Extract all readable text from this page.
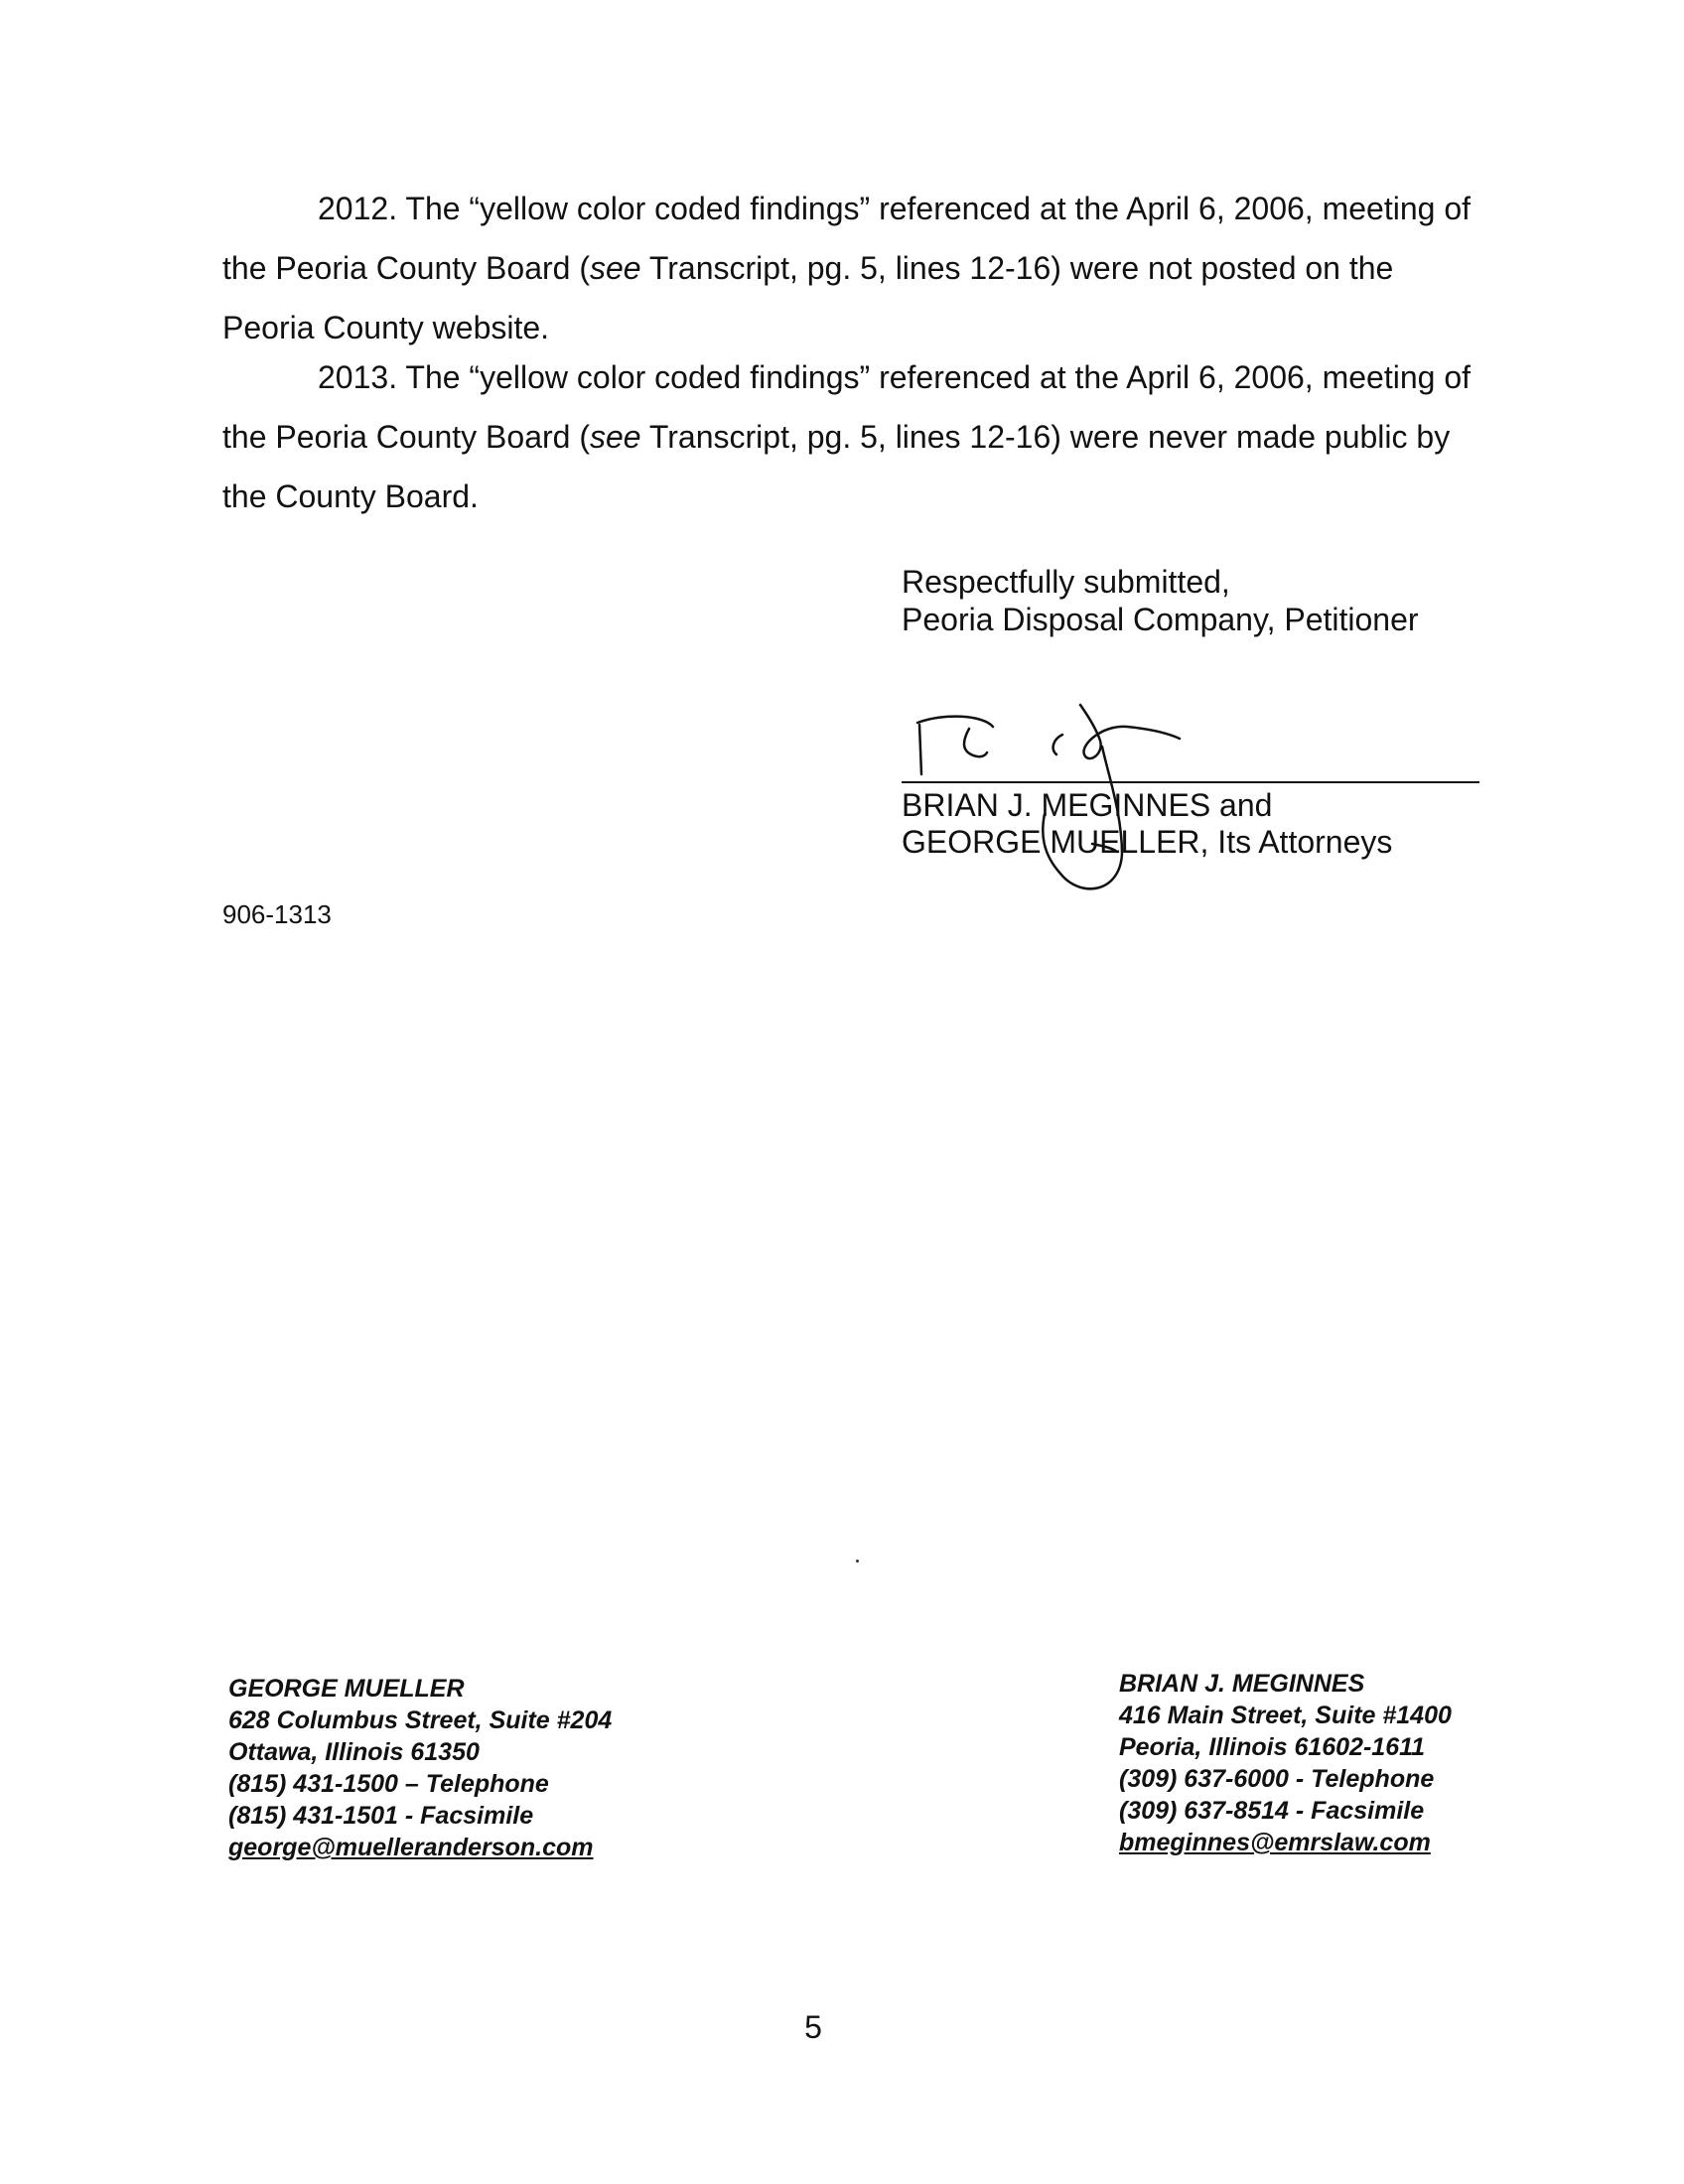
2012. The “yellow color coded findings” referenced at the April 6, 2006, meeting of the Peoria County Board (see Transcript, pg. 5, lines 12-16) were not posted on the Peoria County website.

2013. The “yellow color coded findings” referenced at the April 6, 2006, meeting of the Peoria County Board (see Transcript, pg. 5, lines 12-16) were never made public by the County Board.

Respectfully submitted,
Peoria Disposal Company, Petitioner
BRIAN J. MEGINNES and
GEORGE MUELLER, Its Attorneys
906-1313
GEORGE MUELLER
628 Columbus Street, Suite #204
Ottawa, Illinois 61350
(815) 431-1500 – Telephone
(815) 431-1501 - Facsimile
george@muelleranderson.com
BRIAN J. MEGINNES
416 Main Street, Suite #1400
Peoria, Illinois 61602-1611
(309) 637-6000 - Telephone
(309) 637-8514 - Facsimile
bmeginnes@emrslaw.com
5
